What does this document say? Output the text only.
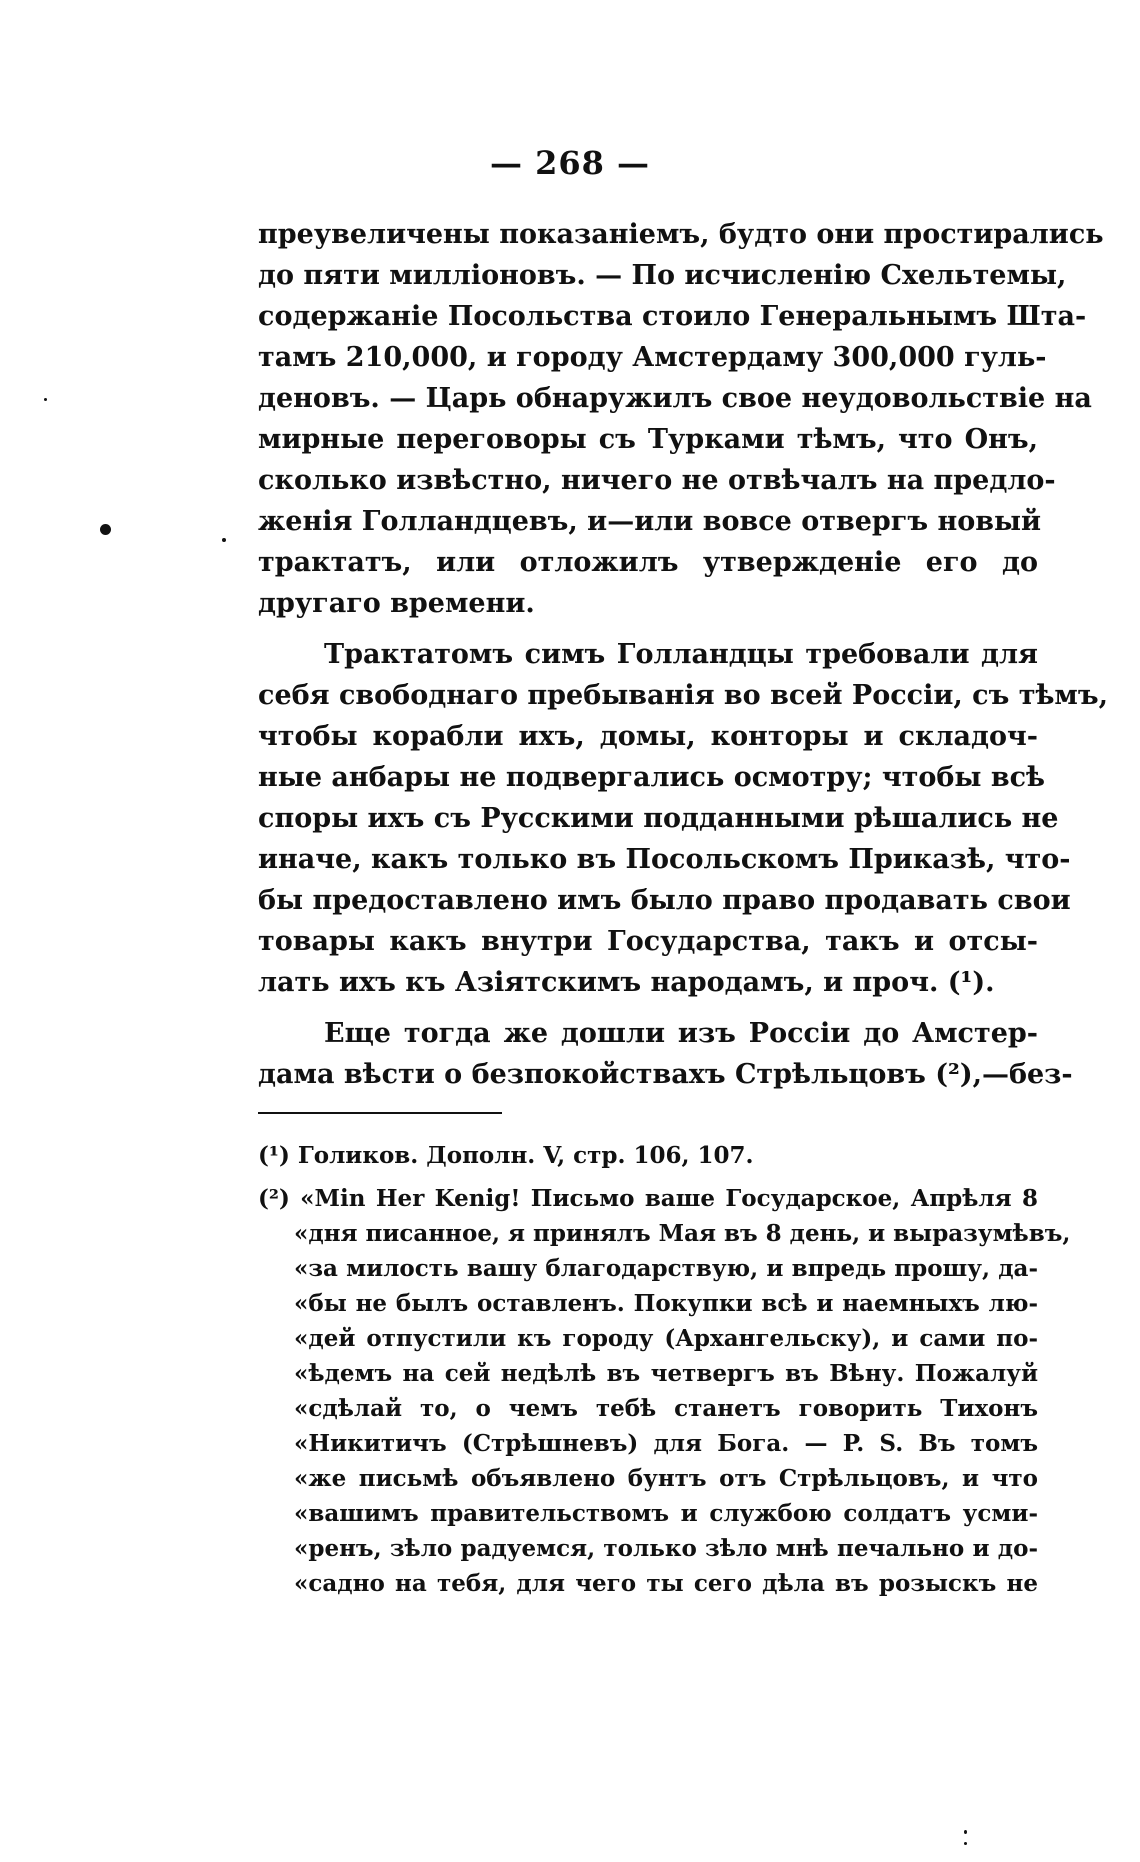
— 268 —
преувеличены показаніемъ, будто они простирались
до пяти милліоновъ. — По исчисленію Схельтемы,
содержаніе Посольства стоило Генеральнымъ Шта-
тамъ 210,000, и городу Амстердаму 300,000 гуль-
деновъ. — Царь обнаружилъ свое неудовольствіе на
мирные переговоры съ Турками тѣмъ, что Онъ,
сколько извѣстно, ничего не отвѣчалъ на предло-
женія Голландцевъ, и—или вовсе отвергъ новый
трактатъ, или отложилъ утвержденіе его до
другаго времени.
Трактатомъ симъ Голландцы требовали для
себя свободнаго пребыванія во всей Россіи, съ тѣмъ,
чтобы корабли ихъ, домы, конторы и складоч-
ные анбары не подвергались осмотру; чтобы всѣ
споры ихъ съ Русскими подданными рѣшались не
иначе, какъ только въ Посольскомъ Приказѣ, что-
бы предоставлено имъ было право продавать свои
товары какъ внутри Государства, такъ и отсы-
лать ихъ къ Азіятскимъ народамъ, и проч. (¹).
Еще тогда же дошли изъ Россіи до Амстер-
дама вѣсти о безпокойствахъ Стрѣльцовъ (²),—без-
(¹) Голиков. Дополн. V, стр. 106, 107.
(²) «Min Her Kenig! Письмо ваше Государское, Апрѣля 8
«дня писанное, я принялъ Мая въ 8 день, и выразумѣвъ,
«за милость вашу благодарствую, и впредь прошу, да-
«бы не былъ оставленъ. Покупки всѣ и наемныхъ лю-
«дей отпустили къ городу (Архангельску), и сами по-
«ѣдемъ на сей недѣлѣ въ четвергъ въ Вѣну. Пожалуй
«сдѣлай то, о чемъ тебѣ станетъ говорить Тихонъ
«Никитичъ (Стрѣшневъ) для Бога. — P. S. Въ томъ
«же письмѣ объявлено бунтъ отъ Стрѣльцовъ, и что
«вашимъ правительствомъ и службою солдатъ усми-
«ренъ, зѣло радуемся, только зѣло мнѣ печально и до-
«садно на тебя, для чего ты сего дѣла въ розыскъ не
